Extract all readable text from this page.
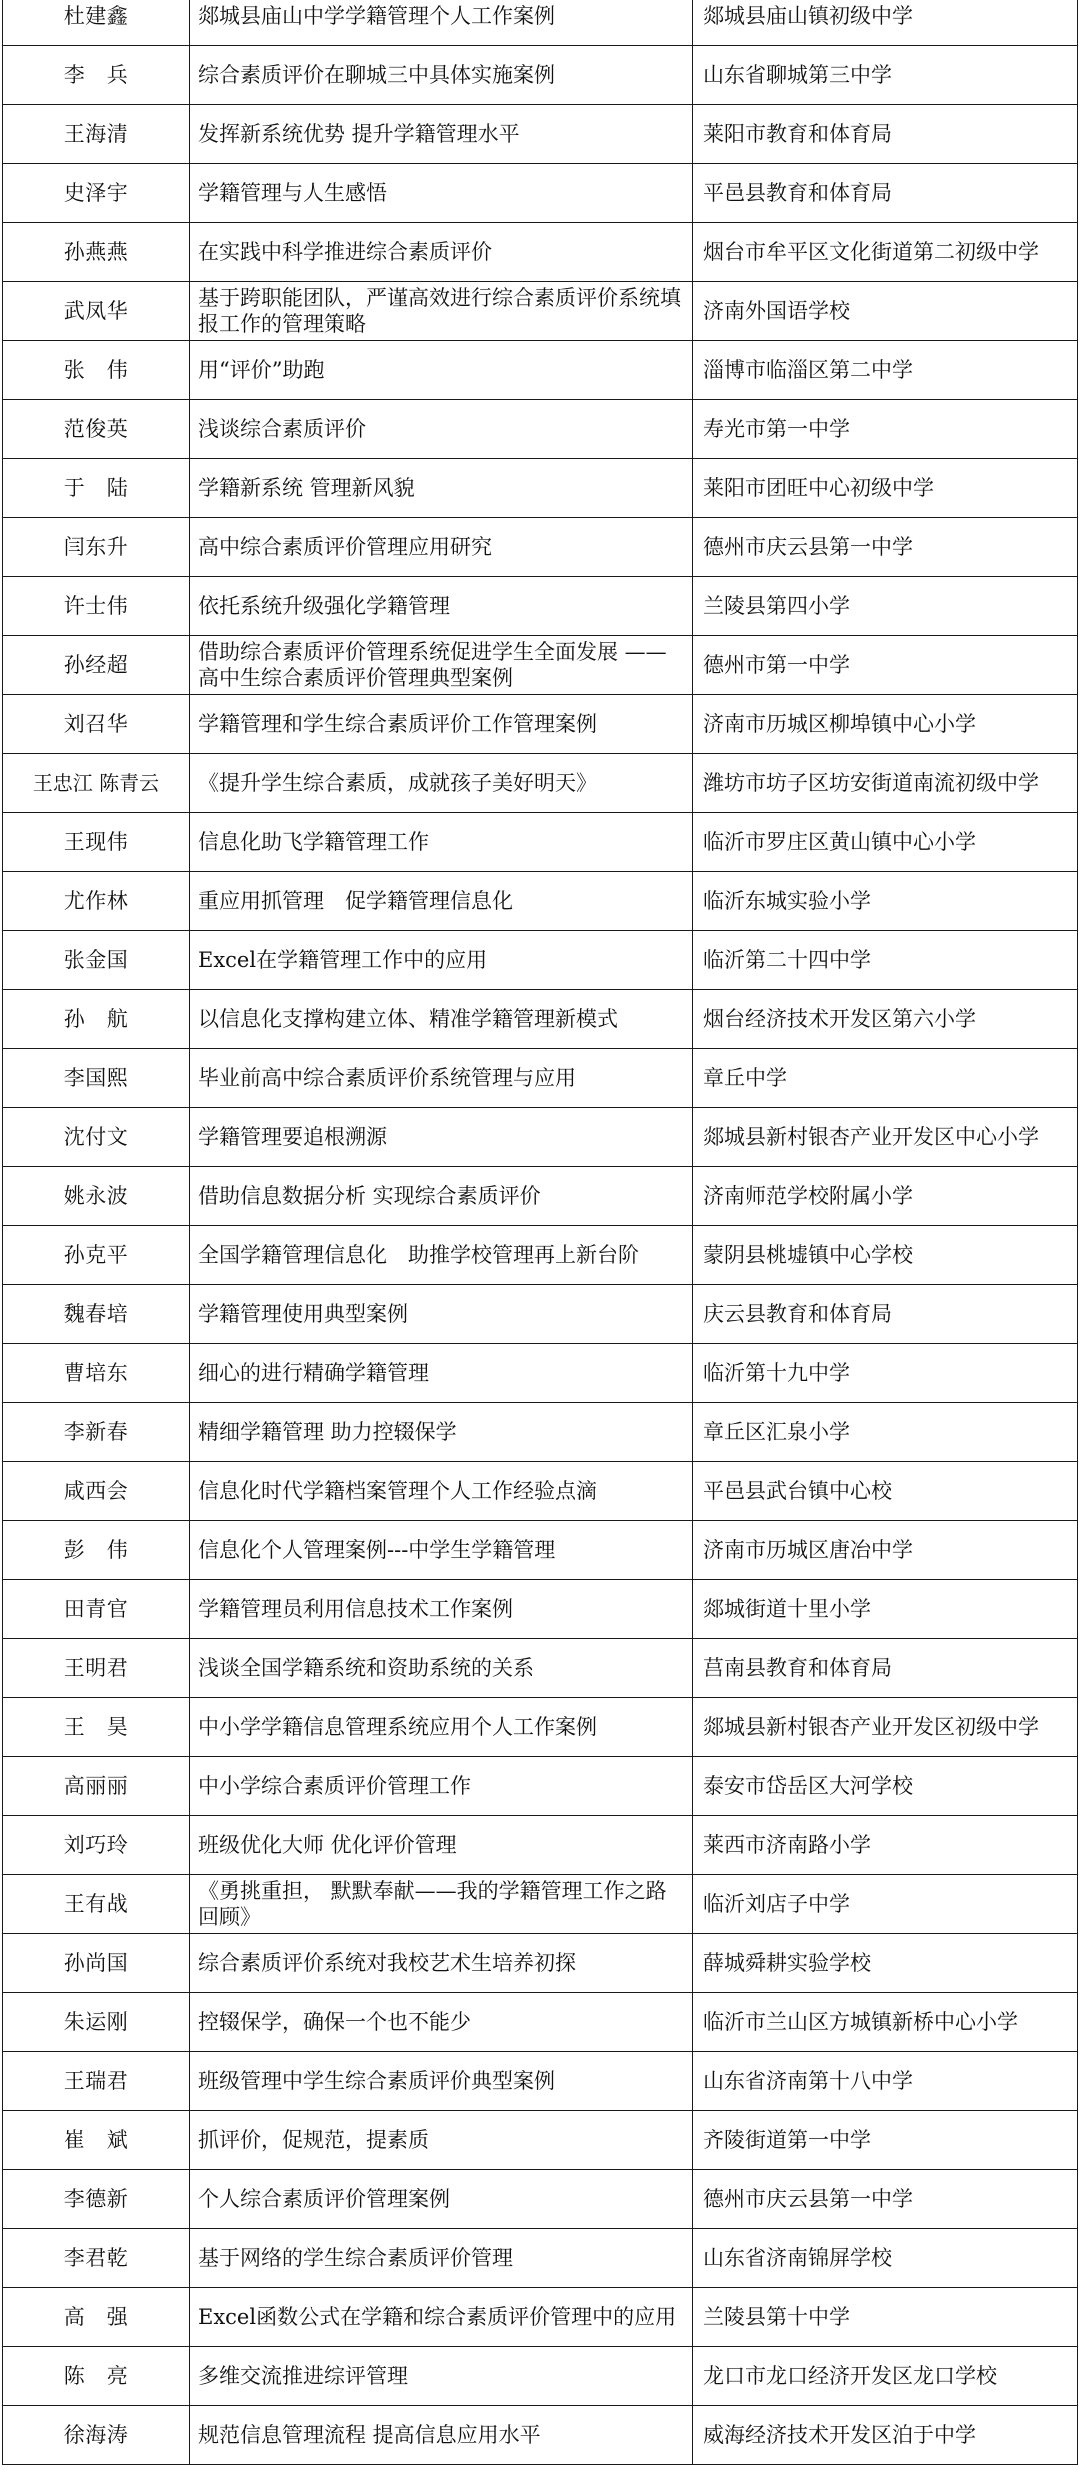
杜建鑫	郯城县庙山中学学籍管理个人工作案例	郯城县庙山镇初级中学
李　兵	综合素质评价在聊城三中具体实施案例	山东省聊城第三中学
王海清	发挥新系统优势 提升学籍管理水平	莱阳市教育和体育局
史泽宇	学籍管理与人生感悟	平邑县教育和体育局
孙燕燕	在实践中科学推进综合素质评价	烟台市牟平区文化街道第二初级中学
武凤华	基于跨职能团队，严谨高效进行综合素质评价系统填报工作的管理策略	济南外国语学校
张　伟	用“评价”助跑	淄博市临淄区第二中学
范俊英	浅谈综合素质评价	寿光市第一中学
于　陆	学籍新系统 管理新风貌	莱阳市团旺中心初级中学
闫东升	高中综合素质评价管理应用研究	德州市庆云县第一中学
许士伟	依托系统升级强化学籍管理	兰陵县第四小学
孙经超	借助综合素质评价管理系统促进学生全面发展 ——高中生综合素质评价管理典型案例	德州市第一中学
刘召华	学籍管理和学生综合素质评价工作管理案例	济南市历城区柳埠镇中心小学
王忠江 陈青云	《提升学生综合素质，成就孩子美好明天》	潍坊市坊子区坊安街道南流初级中学
王现伟	信息化助飞学籍管理工作	临沂市罗庄区黄山镇中心小学
尤作林	重应用抓管理　促学籍管理信息化	临沂东城实验小学
张金国	Excel在学籍管理工作中的应用	临沂第二十四中学
孙　航	以信息化支撑构建立体、精准学籍管理新模式	烟台经济技术开发区第六小学
李国熙	毕业前高中综合素质评价系统管理与应用	章丘中学
沈付文	学籍管理要追根溯源	郯城县新村银杏产业开发区中心小学
姚永波	借助信息数据分析 实现综合素质评价	济南师范学校附属小学
孙克平	全国学籍管理信息化　助推学校管理再上新台阶	蒙阴县桃墟镇中心学校
魏春培	学籍管理使用典型案例	庆云县教育和体育局
曹培东	细心的进行精确学籍管理	临沂第十九中学
李新春	精细学籍管理 助力控辍保学	章丘区汇泉小学
咸西会	信息化时代学籍档案管理个人工作经验点滴	平邑县武台镇中心校
彭　伟	信息化个人管理案例---中学生学籍管理	济南市历城区唐冶中学
田青官	学籍管理员利用信息技术工作案例	郯城街道十里小学
王明君	浅谈全国学籍系统和资助系统的关系	莒南县教育和体育局
王　昊	中小学学籍信息管理系统应用个人工作案例	郯城县新村银杏产业开发区初级中学
高丽丽	中小学综合素质评价管理工作	泰安市岱岳区大河学校
刘巧玲	班级优化大师 优化评价管理	莱西市济南路小学
王有战	《勇挑重担， 默默奉献——我的学籍管理工作之路回顾》	临沂刘店子中学
孙尚国	综合素质评价系统对我校艺术生培养初探	薛城舜耕实验学校
朱运刚	控辍保学，确保一个也不能少	临沂市兰山区方城镇新桥中心小学
王瑞君	班级管理中学生综合素质评价典型案例	山东省济南第十八中学
崔　斌	抓评价，促规范，提素质	齐陵街道第一中学
李德新	个人综合素质评价管理案例	德州市庆云县第一中学
李君乾	基于网络的学生综合素质评价管理	山东省济南锦屏学校
高　强	Excel函数公式在学籍和综合素质评价管理中的应用	兰陵县第十中学
陈　亮	多维交流推进综评管理	龙口市龙口经济开发区龙口学校
徐海涛	规范信息管理流程 提高信息应用水平	威海经济技术开发区泊于中学
